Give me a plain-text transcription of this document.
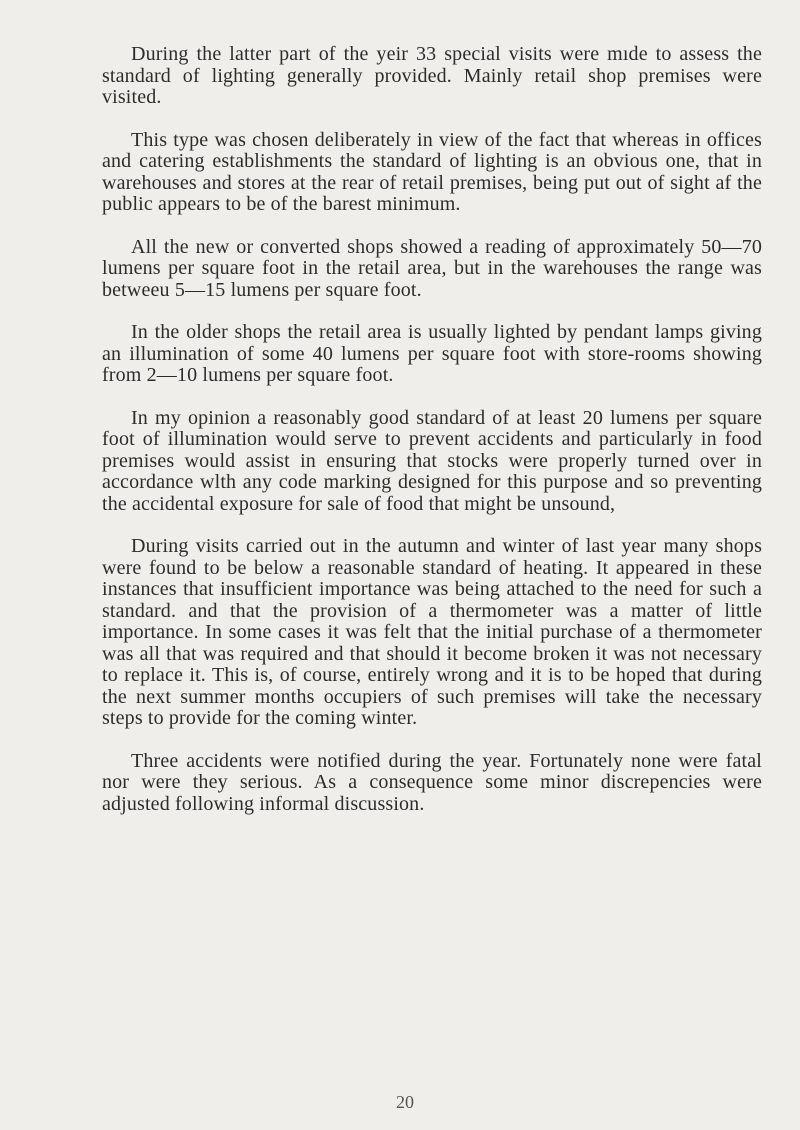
During the latter part of the yeir 33 special visits were mıde to assess the standard of lighting generally provided. Mainly retail shop premises were visited.

This type was chosen deliberately in view of the fact that whereas in offices and catering establishments the standard of lighting is an obvious one, that in warehouses and stores at the rear of retail premises, being put out of sight af the public appears to be of the barest minimum.

All the new or converted shops showed a reading of approximately 50—70 lumens per square foot in the retail area, but in the warehouses the range was betweeu 5—15 lumens per square foot.

In the older shops the retail area is usually lighted by pendant lamps giving an illumination of some 40 lumens per square foot with store-rooms showing from 2—10 lumens per square foot.

In my opinion a reasonably good standard of at least 20 lumens per square foot of illumination would serve to prevent accidents and particularly in food premises would assist in ensuring that stocks were properly turned over in accordance wlth any code marking designed for this purpose and so preventing the accidental exposure for sale of food that might be unsound,

During visits carried out in the autumn and winter of last year many shops were found to be below a reasonable standard of heating. It appeared in these instances that insufficient importance was being attached to the need for such a standard. and that the provision of a thermometer was a matter of little importance. In some cases it was felt that the initial purchase of a thermometer was all that was required and that should it become broken it was not necessary to replace it. This is, of course, entirely wrong and it is to be hoped that during the next summer months occupiers of such premises will take the necessary steps to provide for the coming winter.

Three accidents were notified during the year. Fortunately none were fatal nor were they serious. As a consequence some minor discrepencies were adjusted following informal discussion.

20
